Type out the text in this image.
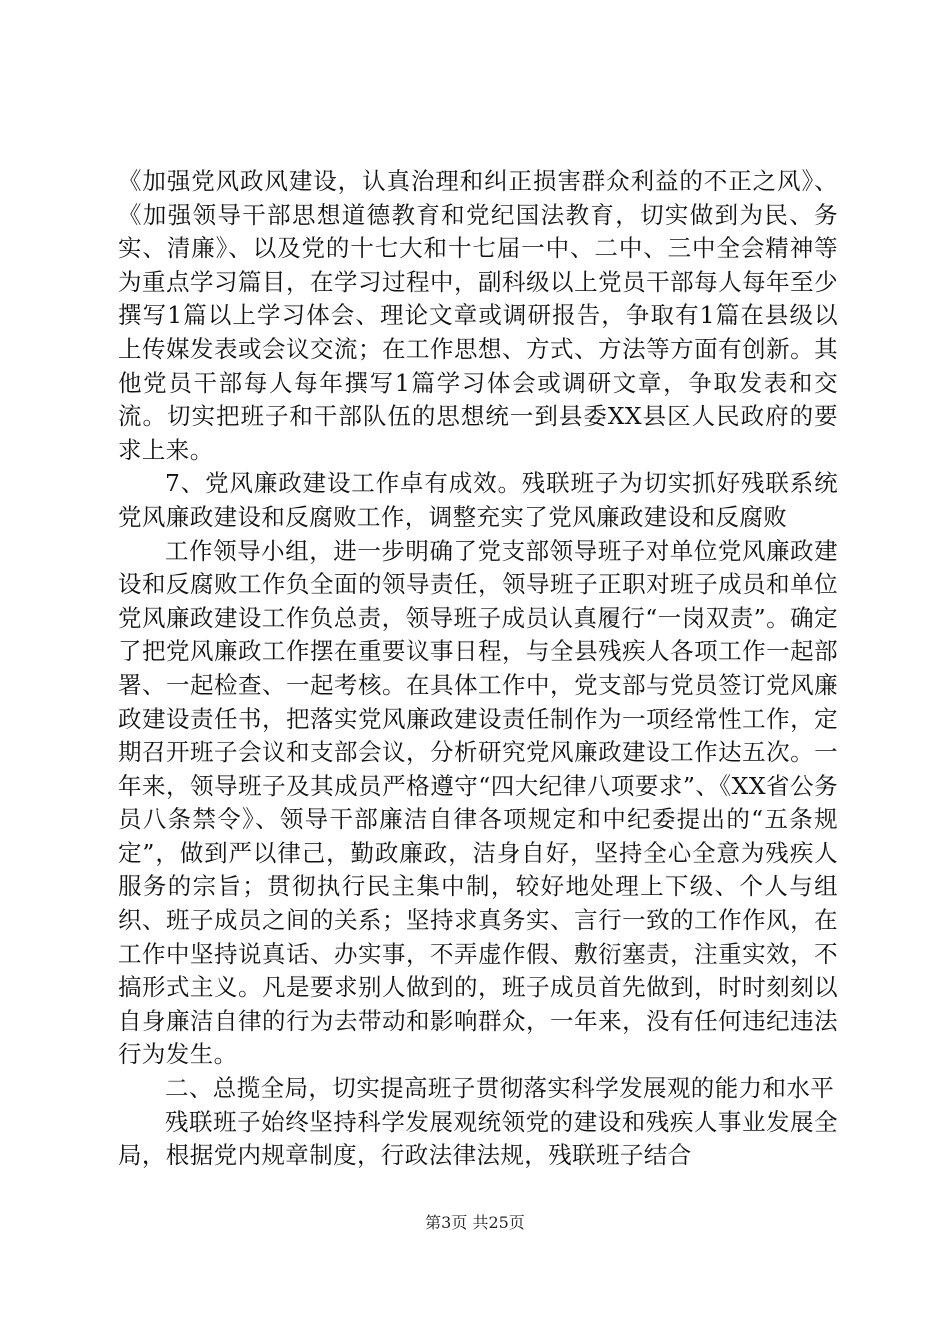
《加强党风政风建设，认真治理和纠正损害群众利益的不正之风》、《加强领导干部思想道德教育和党纪国法教育，切实做到为民、务实、清廉》、以及党的十七大和十七届一中、二中、三中全会精神等为重点学习篇目，在学习过程中，副科级以上党员干部每人每年至少撰写1篇以上学习体会、理论文章或调研报告，争取有1篇在县级以上传媒发表或会议交流；在工作思想、方式、方法等方面有创新。其他党员干部每人每年撰写1篇学习体会或调研文章，争取发表和交流。切实把班子和干部队伍的思想统一到县委XX县区人民政府的要求上来。

7、党风廉政建设工作卓有成效。残联班子为切实抓好残联系统党风廉政建设和反腐败工作，调整充实了党风廉政建设和反腐败

工作领导小组，进一步明确了党支部领导班子对单位党风廉政建设和反腐败工作负全面的领导责任，领导班子正职对班子成员和单位党风廉政建设工作负总责，领导班子成员认真履行“一岗双责”。确定了把党风廉政工作摆在重要议事日程，与全县残疾人各项工作一起部署、一起检查、一起考核。在具体工作中，党支部与党员签订党风廉政建设责任书，把落实党风廉政建设责任制作为一项经常性工作，定期召开班子会议和支部会议，分析研究党风廉政建设工作达五次。一年来，领导班子及其成员严格遵守“四大纪律八项要求”、《XX省公务员八条禁令》、领导干部廉洁自律各项规定和中纪委提出的“五条规定”，做到严以律己，勤政廉政，洁身自好，坚持全心全意为残疾人服务的宗旨；贯彻执行民主集中制，较好地处理上下级、个人与组织、班子成员之间的关系；坚持求真务实、言行一致的工作作风，在工作中坚持说真话、办实事，不弄虚作假、敷衍塞责，注重实效，不搞形式主义。凡是要求别人做到的，班子成员首先做到，时时刻刻以自身廉洁自律的行为去带动和影响群众，一年来，没有任何违纪违法行为发生。

二、总揽全局，切实提高班子贯彻落实科学发展观的能力和水平

残联班子始终坚持科学发展观统领党的建设和残疾人事业发展全局，根据党内规章制度，行政法律法规，残联班子结合

第3页 共25页
